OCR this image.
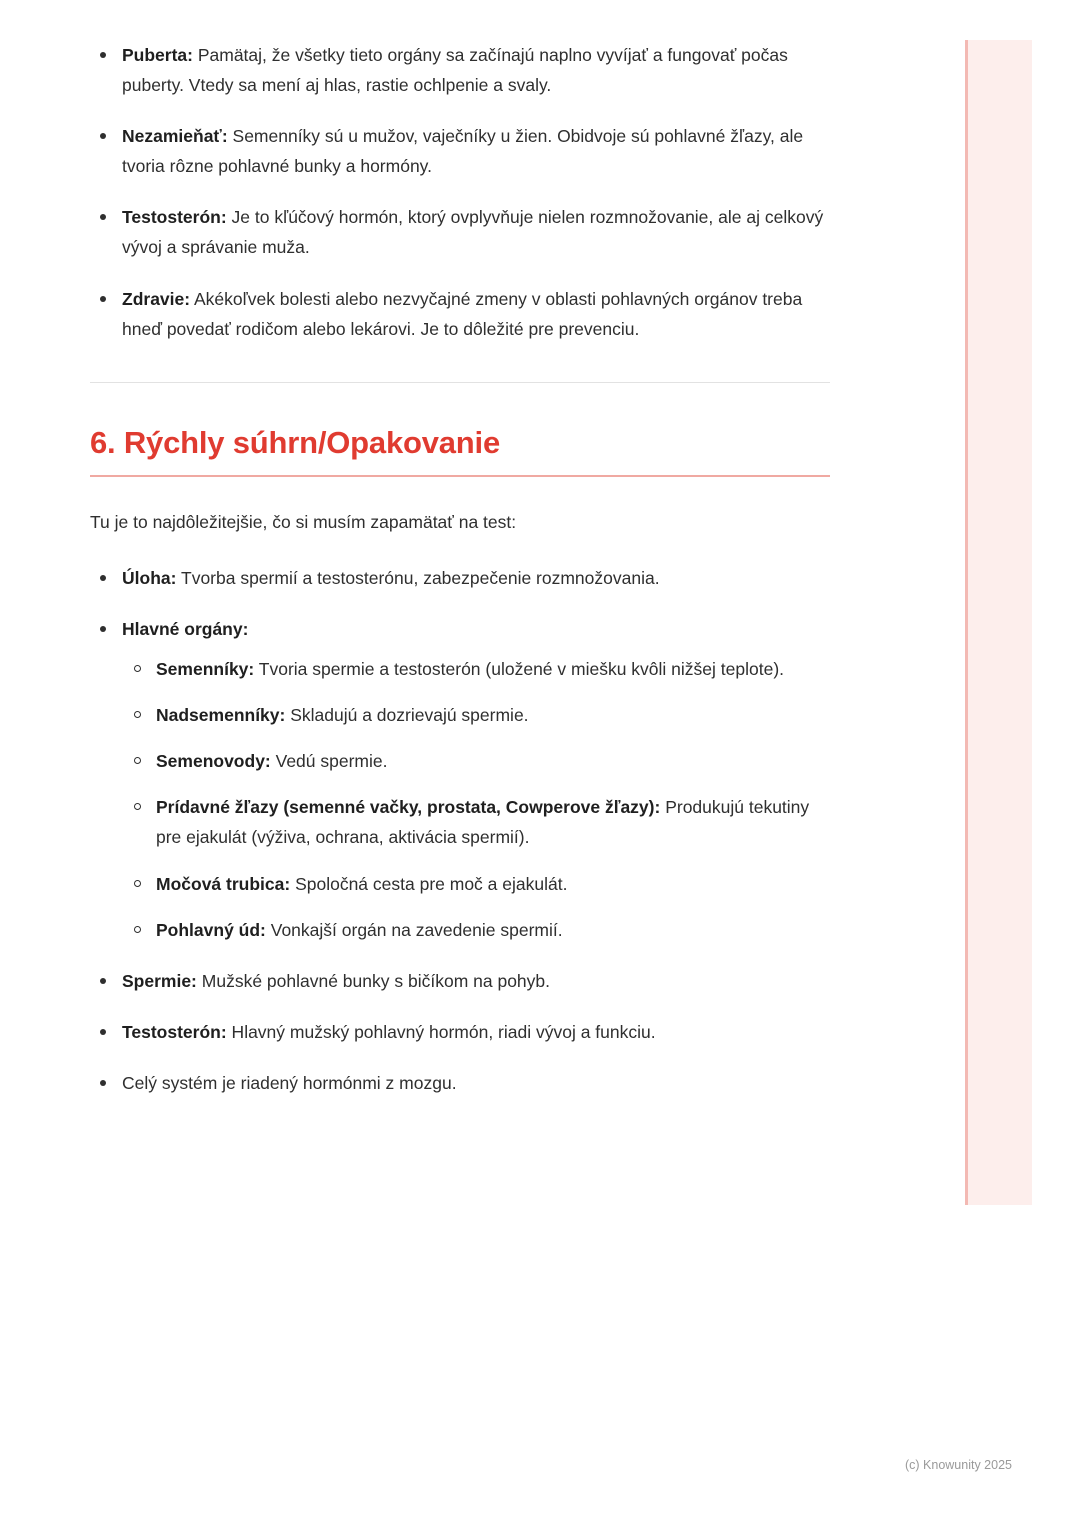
Puberta: Pamätaj, že všetky tieto orgány sa začínajú naplno vyvíjať a fungovať počas puberty. Vtedy sa mení aj hlas, rastie ochlpenie a svaly.
Nezamieňať: Semenníky sú u mužov, vaječníky u žien. Obidvoje sú pohlavné žľazy, ale tvoria rôzne pohlavné bunky a hormóny.
Testosterón: Je to kľúčový hormón, ktorý ovplyvňuje nielen rozmnožovanie, ale aj celkový vývoj a správanie muža.
Zdravie: Akékoľvek bolesti alebo nezvyčajné zmeny v oblasti pohlavných orgánov treba hneď povedať rodičom alebo lekárovi. Je to dôležité pre prevenciu.
6. Rýchly súhrn/Opakovanie

Tu je to najdôležitejšie, čo si musím zapamätať na test:

Úloha: Tvorba spermií a testosterónu, zabezpečenie rozmnožovania.
Hlavné orgány:
Semenníky: Tvoria spermie a testosterón (uložené v miešku kvôli nižšej teplote).
Nadsemenníky: Skladujú a dozrievajú spermie.
Semenovody: Vedú spermie.
Prídavné žľazy (semenné vačky, prostata, Cowperove žľazy): Produkujú tekutiny pre ejakulát (výživa, ochrana, aktivácia spermií).
Močová trubica: Spoločná cesta pre moč a ejakulát.
Pohlavný úd: Vonkajší orgán na zavedenie spermií.
Spermie: Mužské pohlavné bunky s bičíkom na pohyb.
Testosterón: Hlavný mužský pohlavný hormón, riadi vývoj a funkciu.
Celý systém je riadený hormónmi z mozgu.
(c) Knowunity 2025
